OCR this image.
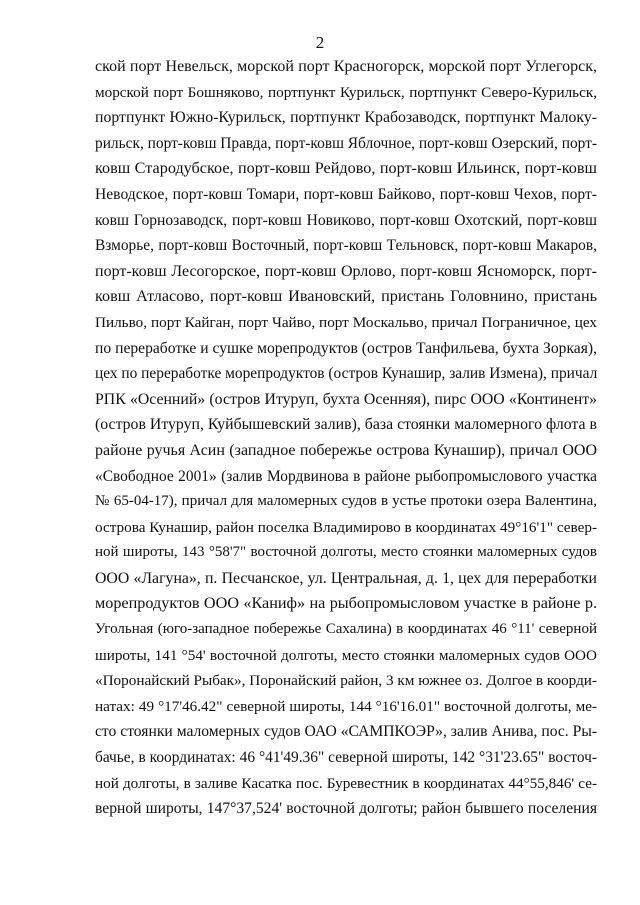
2
ской порт Невельск, морской порт Красногорск, морской порт Углегорск,
морской порт Бошняково, портпункт Курильск, портпункт Северо-Курильск,
портпункт Южно-Курильск, портпункт Крабозаводск, портпункт Малоку-
рильск, порт-ковш Правда, порт-ковш Яблочное, порт-ковш Озерский, порт-
ковш Стародубское, порт-ковш Рейдово, порт-ковш Ильинск, порт-ковш
Неводское, порт-ковш Томари, порт-ковш Байково, порт-ковш Чехов, порт-
ковш Горнозаводск, порт-ковш Новиково, порт-ковш Охотский, порт-ковш
Взморье, порт-ковш Восточный, порт-ковш Тельновск, порт-ковш Макаров,
порт-ковш Лесогорское, порт-ковш Орлово, порт-ковш Ясноморск, порт-
ковш Атласово, порт-ковш Ивановский, пристань Головнино, пристань
Пильво, порт Кайган, порт Чайво, порт Москальво, причал Пограничное, цех
по переработке и сушке морепродуктов (остров Танфильева, бухта Зоркая),
цех по переработке морепродуктов (остров Кунашир, залив Измена), причал
РПК «Осенний» (остров Итуруп, бухта Осенняя), пирс ООО «Континент»
(остров Итуруп, Куйбышевский залив), база стоянки маломерного флота в
районе ручья Асин (западное побережье острова Кунашир), причал ООО
«Свободное 2001» (залив Мордвинова в районе рыбопромыслового участка
№ 65-04-17), причал для маломерных судов в устье протоки озера Валентина,
острова Кунашир, район поселка Владимирово в координатах 49°16'1" север-
ной широты, 143 °58'7" восточной долготы, место стоянки маломерных судов
ООО «Лагуна», п. Песчанское, ул. Центральная, д. 1, цех для переработки
морепродуктов ООО «Каниф» на рыбопромысловом участке в районе р.
Угольная (юго-западное побережье Сахалина) в координатах 46 °11' северной
широты, 141 °54' восточной долготы, место стоянки маломерных судов ООО
«Поронайский Рыбак», Поронайский район, 3 км южнее оз. Долгое в коорди-
натах: 49 °17'46.42" северной широты, 144 °16'16.01" восточной долготы, ме-
сто стоянки маломерных судов ОАО «САМПКОЭР», залив Анива, пос. Ры-
бачье, в координатах: 46 °41'49.36" северной широты, 142 °31'23.65" восточ-
ной долготы, в заливе Касатка пос. Буревестник в координатах 44°55,846' се-
верной широты, 147°37,524' восточной долготы; район бывшего поселения
